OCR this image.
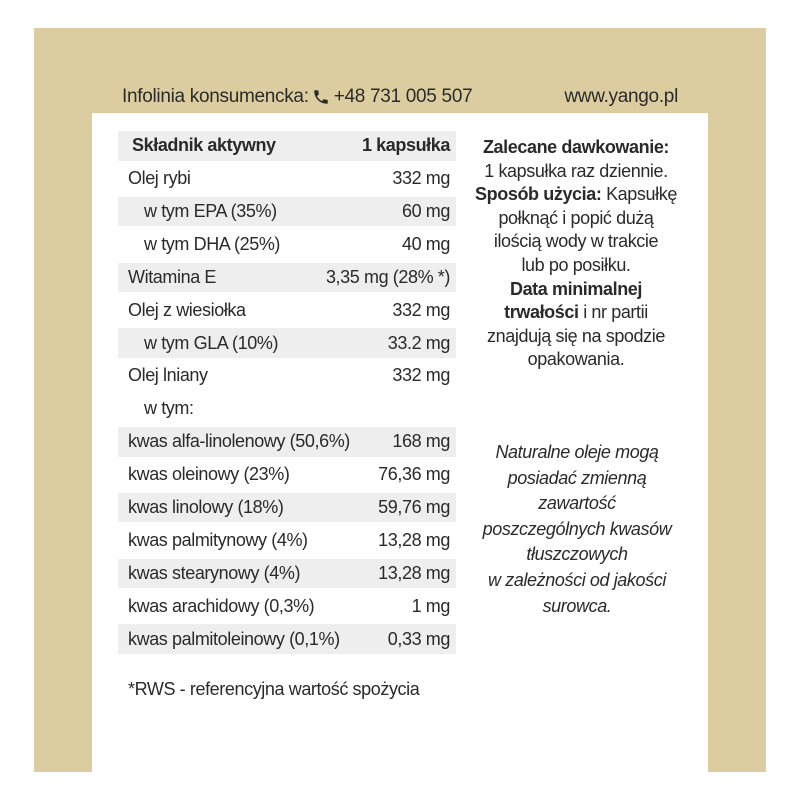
Infolinia konsumencka: +48 731 005 507	www.yango.pl
Składnik aktywny	1 kapsułka
Olej rybi	332 mg
w tym EPA (35%)	60 mg
w tym DHA (25%)	40 mg
Witamina E	3,35 mg (28% *)
Olej z wiesiołka	332 mg
w tym GLA (10%)	33.2 mg
Olej lniany	332 mg
w tym:
kwas alfa-linolenowy (50,6%) 168 mg
kwas oleinowy (23%)	76,36 mg
kwas linolowy (18%)	59,76 mg
kwas palmitynowy (4%)	13,28 mg
kwas stearynowy (4%)	13,28 mg
kwas arachidowy (0,3%)	1 mg
kwas palmitoleinowy (0,1%)	0,33 mg
*RWS - referencyjna wartość spożycia
Zalecane dawkowanie:
1 kapsułka raz dziennie.
Sposób użycia: Kapsułkę
połknąć i popić dużą
ilością wody w trakcie
lub po posiłku.
Data minimalnej
trwałości i nr partii
znajdują się na spodzie
opakowania.
Naturalne oleje mogą
posiadać zmienną
zawartość
poszczególnych kwasów
tłuszczowych
w zależności od jakości
surowca.
